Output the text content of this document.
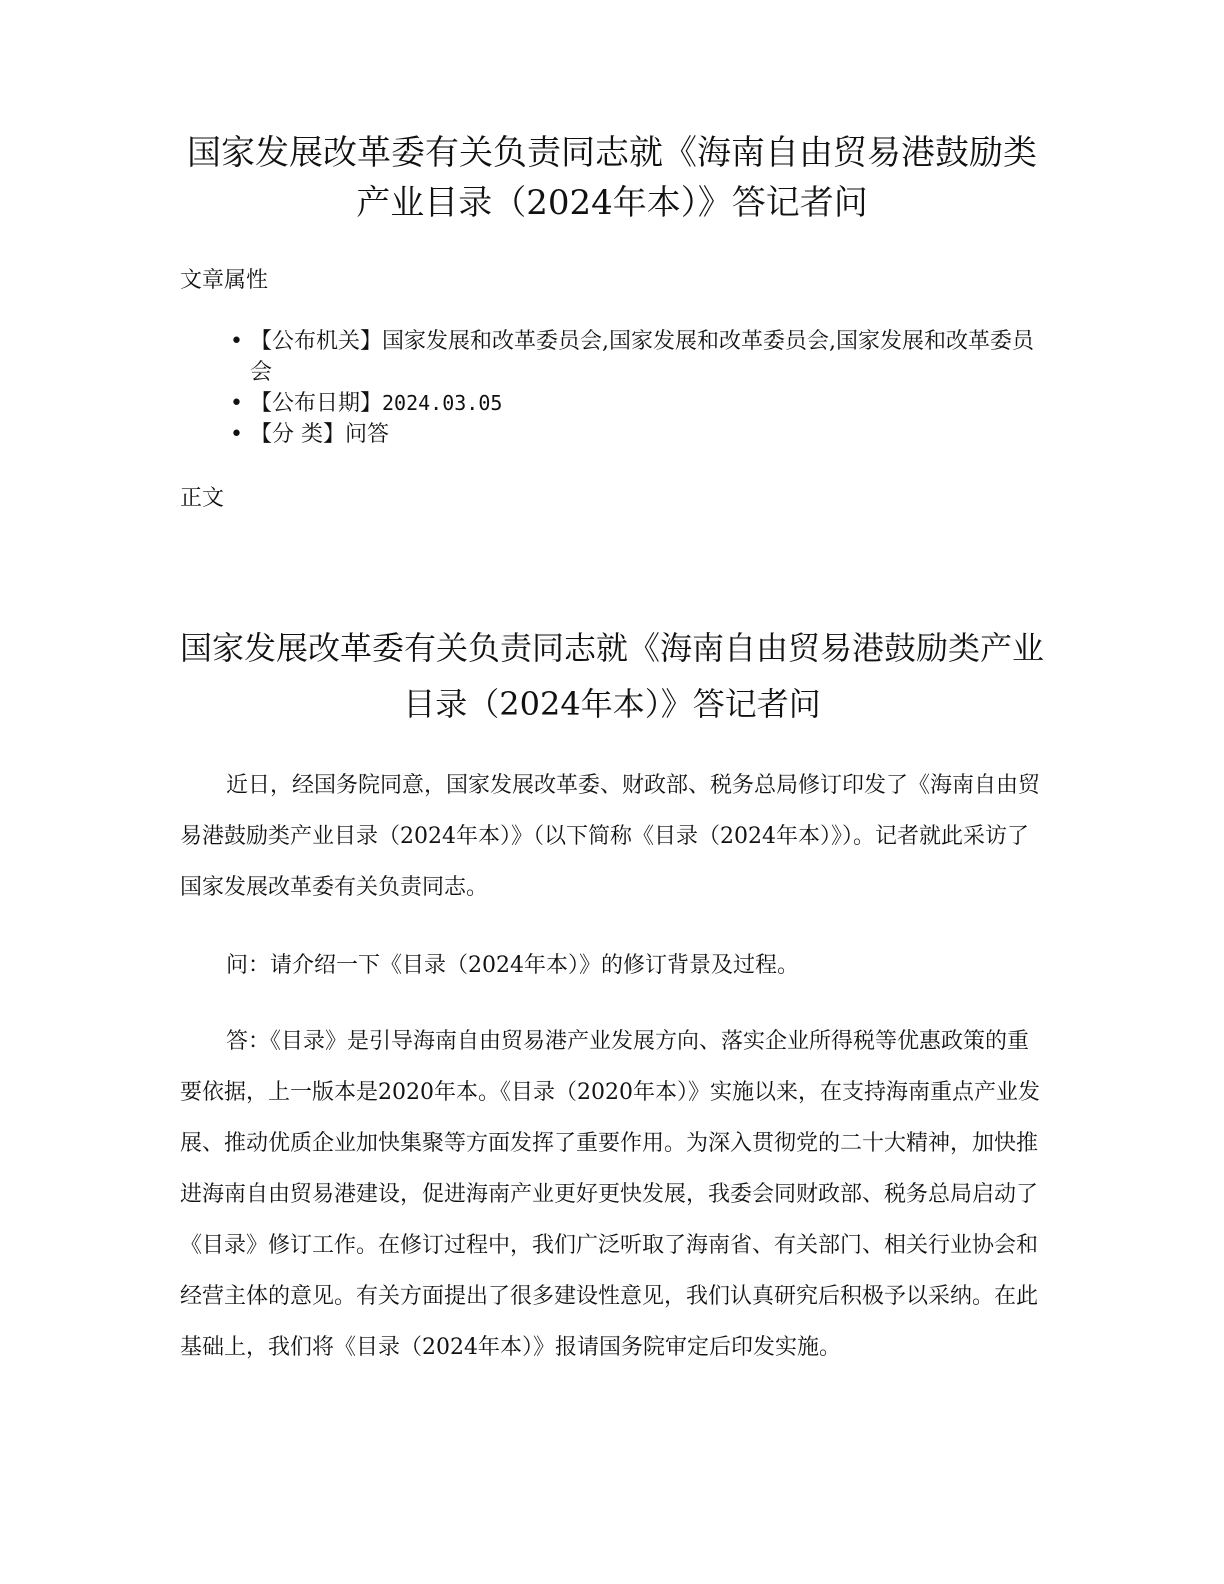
国家发展改革委有关负责同志就《海南自由贸易港鼓励类产业目录（2024年本）》答记者问

文章属性

• 【公布机关】国家发展和改革委员会,国家发展和改革委员会,国家发展和改革委员会
• 【公布日期】2024.03.05
• 【分 类】问答

正文

国家发展改革委有关负责同志就《海南自由贸易港鼓励类产业目录（2024年本）》答记者问

近日，经国务院同意，国家发展改革委、财政部、税务总局修订印发了《海南自由贸易港鼓励类产业目录（2024年本）》（以下简称《目录（2024年本）》）。记者就此采访了国家发展改革委有关负责同志。

问：请介绍一下《目录（2024年本）》的修订背景及过程。

答：《目录》是引导海南自由贸易港产业发展方向、落实企业所得税等优惠政策的重要依据，上一版本是2020年本。《目录（2020年本）》实施以来，在支持海南重点产业发展、推动优质企业加快集聚等方面发挥了重要作用。为深入贯彻党的二十大精神，加快推进海南自由贸易港建设，促进海南产业更好更快发展，我委会同财政部、税务总局启动了《目录》修订工作。在修订过程中，我们广泛听取了海南省、有关部门、相关行业协会和经营主体的意见。有关方面提出了很多建设性意见，我们认真研究后积极予以采纳。在此基础上，我们将《目录（2024年本）》报请国务院审定后印发实施。
